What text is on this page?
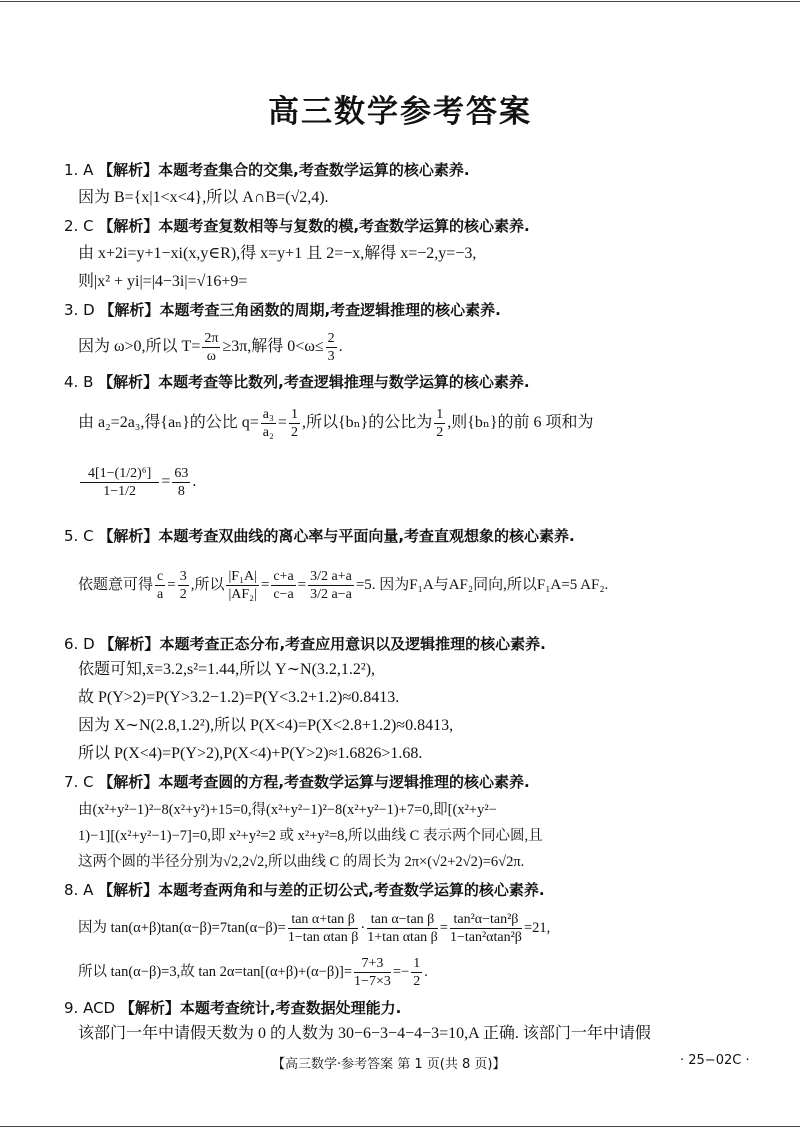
高三数学参考答案
1. A 【解析】本题考查集合的交集,考查数学运算的核心素养.
因为 B={x|1<x<4},所以 A∩B=(√2,4).
2. C 【解析】本题考查复数相等与复数的模,考查数学运算的核心素养.
由 x+2i=y+1−xi(x,y∈R),得 x=y+1 且 2=−x,解得 x=−2,y=−3,
则|x² + yi|=|4−3i|=√16+9=
3. D 【解析】本题考查三角函数的周期,考查逻辑推理的核心素养.
因为 ω>0,所以 $T= \frac{2\pi}{\omega} \ge 3\pi$,解得 $0<\omega\le \frac{2}{3}$ .
4. B 【解析】本题考查等比数列,考查逻辑推理与数学运算的核心素养.
由 a₂=2a₃,得{aₙ}的公比 $q= \frac{\text{a₃}}{\text{a₂}} = \frac{1}{2}$ ,所以{bₙ}的公比为 $\frac{1}{2}$ ,则{bₙ}的前 6 项和为
$\frac{\text{4[1−(1/2)⁶]}}{1-1/2} = \frac{63}{8}$ .
5. C 【解析】本题考查双曲线的离心率与平面向量,考查直观想象的核心素养.
依题意可得 $\frac{c}{a} = \frac{3}{2}$ ,所以 $\frac{\text{|F₁A|}}{\text{|AF₂|}} = \frac{c+a}{c-a} = \frac{3/2 a+a}{3/2 a-a} =5$. 因为F₁A与AF₂同向,所以F₁A=5 AF₂.
6. D 【解析】本题考查正态分布,考查应用意识以及逻辑推理的核心素养.
依题可知,x̄=3.2,s²=1.44,所以 Y∼N(3.2,1.2²),
故 P(Y>2)=P(Y>3.2−1.2)=P(Y<3.2+1.2)≈0.8413.
因为 X∼N(2.8,1.2²),所以 P(X<4)=P(X<2.8+1.2)≈0.8413,
所以 P(X<4)=P(Y>2),P(X<4)+P(Y>2)≈1.6826>1.68.
7. C 【解析】本题考查圆的方程,考查数学运算与逻辑推理的核心素养.
由(x²+y²−1)²−8(x²+y²)+15=0,得(x²+y²−1)²−8(x²+y²−1)+7=0,即[(x²+y²−
1)−1][(x²+y²−1)−7]=0,即 x²+y²=2 或 x²+y²=8,所以曲线 C 表示两个同心圆,且
这两个圆的半径分别为√2,2√2,所以曲线 C 的周长为 2π×(√2+2√2)=6√2π.
8. A 【解析】本题考查两角和与差的正切公式,考查数学运算的核心素养.
因为 $\tan(\alpha+\beta)\tan(\alpha-\beta)=7\tan(\alpha-\beta)= \frac{\text{tan α+tan β}}{\text{1−tan αtan β}} \cdot \frac{\text{tan α−tan β}}{\text{1+tan αtan β}} = \frac{\text{tan²α−tan²β}}{\text{1−tan²αtan²β}} =21$,
所以 tan(α−β)=3,故 $\tan 2\alpha=\tan[(\alpha+\beta)+(\alpha-\beta)]= \frac{7+3}{1-7\times 3} =- \frac{1}{2}$ .
9. ACD 【解析】本题考查统计,考查数据处理能力.
该部门一年中请假天数为 0 的人数为 30−6−3−4−4−3=10,A 正确. 该部门一年中请假
【高三数学·参考答案 第 1 页(共 8 页)】	· 25−02C ·
